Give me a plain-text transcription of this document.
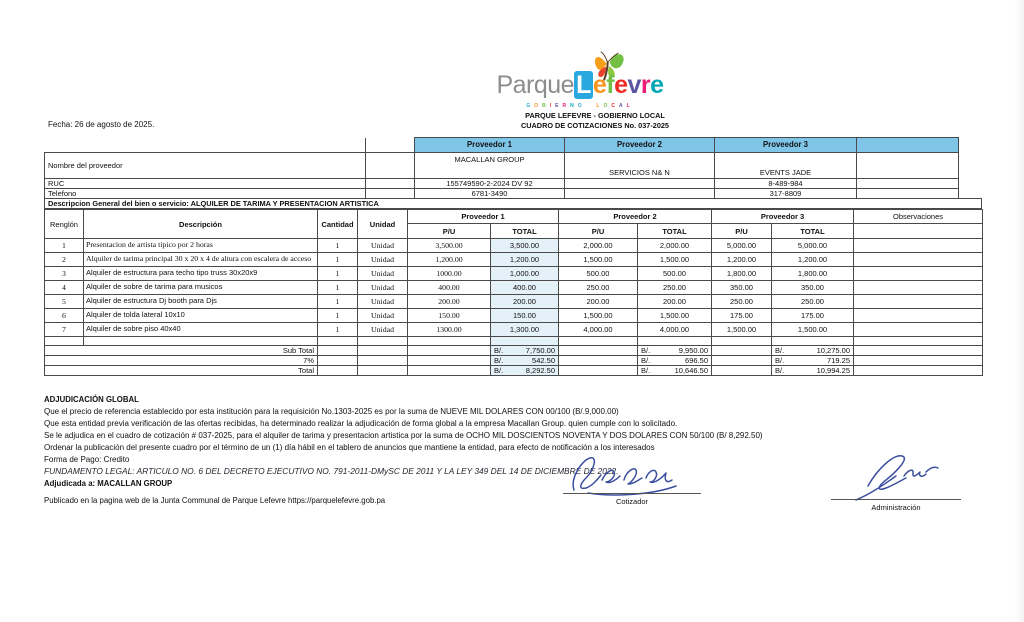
ParqueLefevre
GOBIERNO LOCAL
PARQUE LEFEVRE - GOBIERNO LOCAL
CUADRO DE COTIZACIONES No. 037-2025
Fecha: 26 de agosto de 2025.
		Proveedor 1	Proveedor 2	Proveedor 3	
Nombre del proveedor		MACALLAN GROUP	SERVICIOS N& N	EVENTS JADE	
RUC		155749590-2-2024 DV 92		8-489-984	
Telefono		6781-3490		317-8809	
Descripcion General del bien o servicio: ALQUILER DE TARIMA Y PRESENTACION ARTISTICA
Renglón	Descripción	Cantidad	Unidad	Proveedor 1		Proveedor 2		Proveedor 3		Observaciones
				P/U	TOTAL	P/U	TOTAL	P/U	TOTAL	
1	Presentacion de artista tipico por 2 horas	1	Unidad	3,500.00	3,500.00	2,000.00	2,000.00	5,000.00	5,000.00	
2	Alquiler de tarima principal 30 x 20 x 4 de altura con escalera de acceso	1	Unidad	1,200.00	1,200.00	1,500.00	1,500.00	1,200.00	1,200.00	
3	Alquiler de estructura para techo tipo truss 30x20x9	1	Unidad	1000.00	1,000.00	500.00	500.00	1,800.00	1,800.00	
4	Alquiler de sobre de tarima para musicos	1	Unidad	400.00	400.00	250.00	250.00	350.00	350.00	
5	Alquiler de estructura Dj booth para Djs	1	Unidad	200.00	200.00	200.00	200.00	250.00	250.00	
6	Alquiler de tolda lateral 10x10	1	Unidad	150.00	150.00	1,500.00	1,500.00	175.00	175.00	
7	Alquiler de sobre piso 40x40	1	Unidad	1300.00	1,300.00	4,000.00	4,000.00	1,500.00	1,500.00	

Sub Total					B/. 7,750.00		B/. 9,950.00		B/. 10,275.00	
7%					B/. 542.50		B/. 696.50		B/. 719.25	
Total					B/. 8,292.50		B/. 10,646.50		B/. 10,994.25	
ADJUDICACIÓN GLOBAL
Que el precio de referencia establecido por esta institución para la requisición No.1303-2025 es por la suma de NUEVE MIL DOLARES CON 00/100 (B/.9,000.00)
Que esta entidad previa verificación de las ofertas recibidas, ha determinado realizar la adjudicación de forma global a la empresa Macallan Group. quien cumple con lo solicitado.
Se le adjudica en el cuadro de cotización # 037-2025, para el alquiler de tarima y presentacion artistica por la suma de OCHO MIL DOSCIENTOS NOVENTA Y DOS DOLARES CON 50/100 (B/ 8,292.50)
Ordenar la publicación del presente cuadro por el término de un (1) día hábil en el tablero de anuncios que mantiene la entidad, para efecto de notificación a los interesados
Forma de Pago: Credito
FUNDAMENTO LEGAL: ARTICULO NO. 6 DEL DECRETO EJECUTIVO NO. 791-2011-DMySC DE 2011 Y LA LEY 349 DEL 14 DE DICIEMBRE DE 2022.
Adjudicada a: MACALLAN GROUP
Publicado en la pagina web de la Junta Communal de Parque Lefevre https://parquelefevre.gob.pa	Cotizador
Administración
